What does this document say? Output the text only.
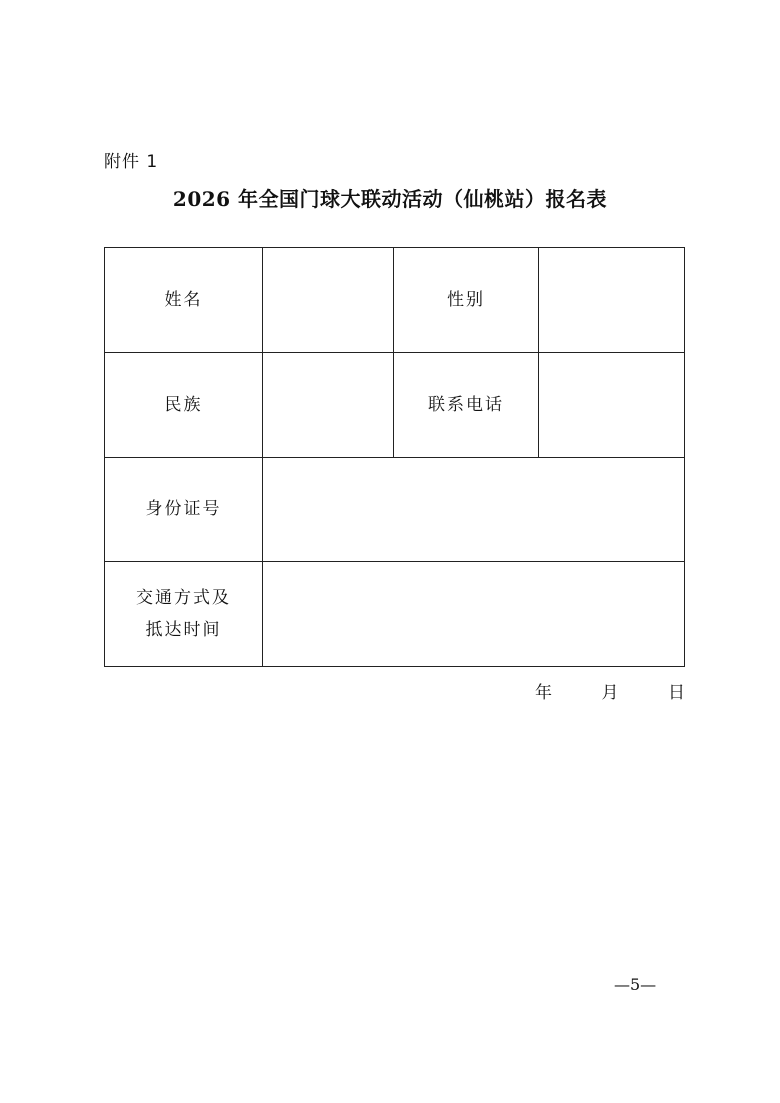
附件 1
2026 年全国门球大联动活动（仙桃站）报名表
姓名		性别	
民族		联系电话	
身份证号			

交通方式及
抵达时间			

年	月	日
—5—
